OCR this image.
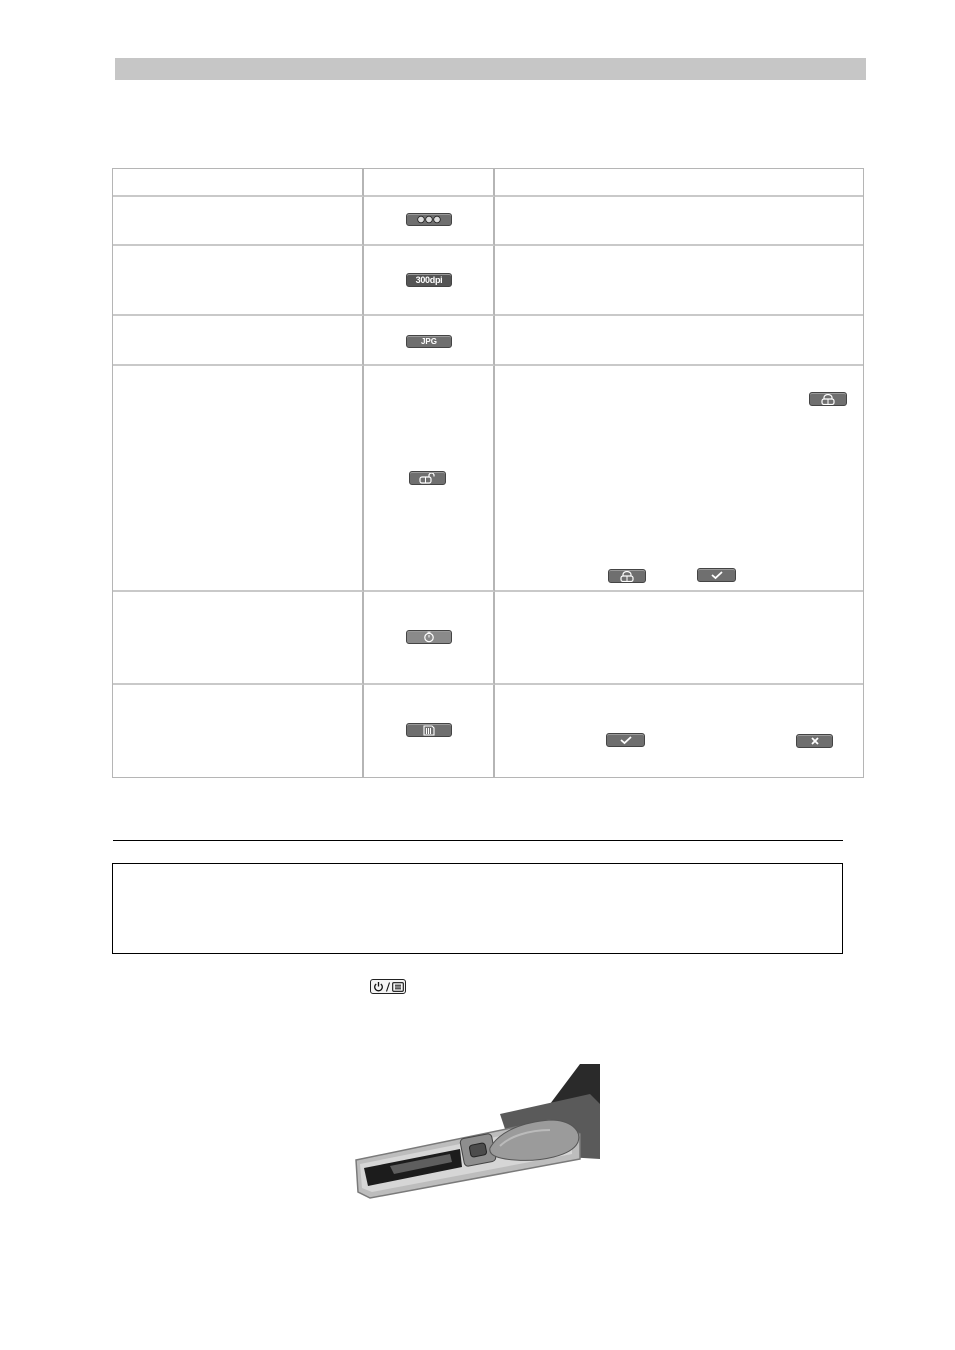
300dpi
JPG
